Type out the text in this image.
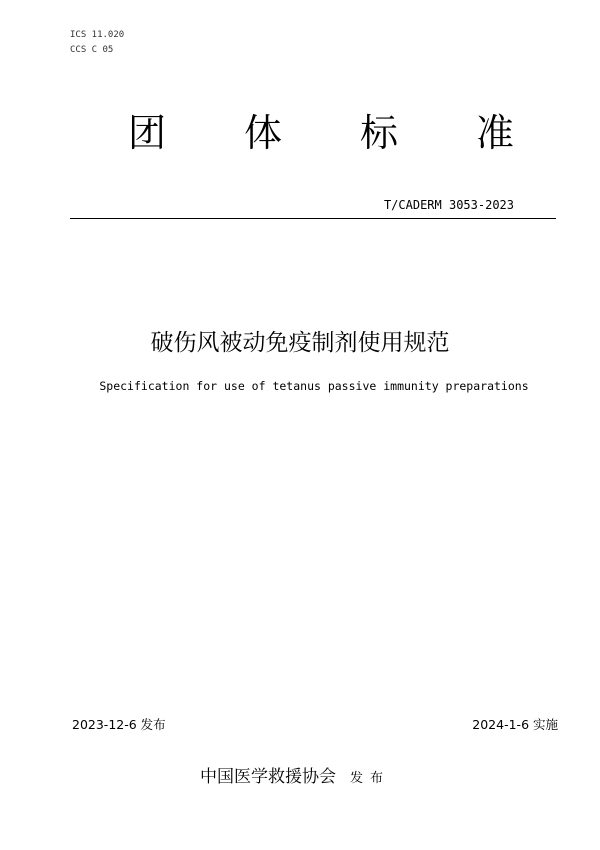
ICS 11.020
CCS C 05
团 体 标 准
T/CADERM 3053-2023
破伤风被动免疫制剂使用规范
Specification for use of tetanus passive immunity preparations
2023-12-6 发布	2024-1-6 实施
中国医学救援协会 发布
